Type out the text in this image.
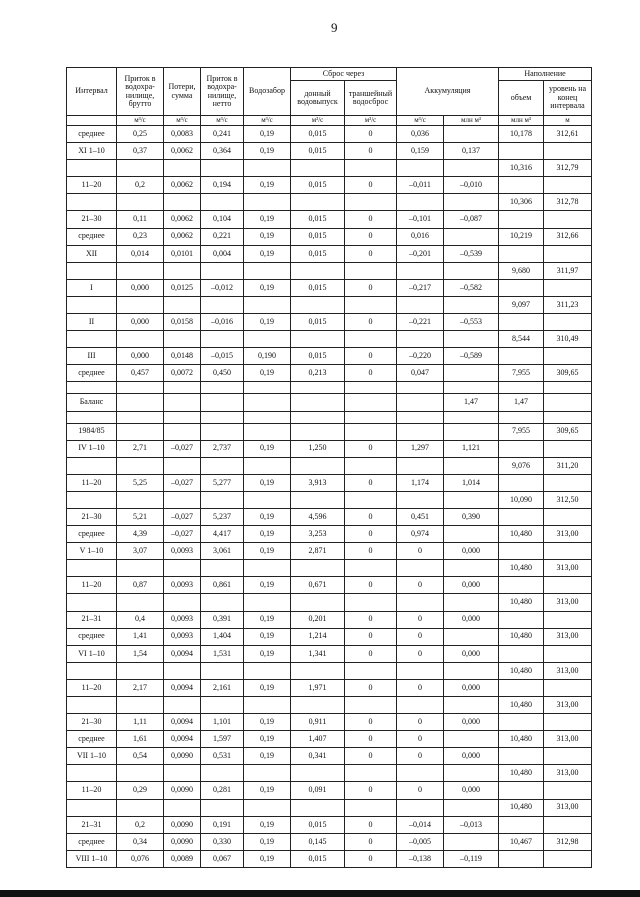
9
Интервал	Приток в водохра-нилище, брутто	Потери, сумма	Приток в водохра-нилище, нетто	Водозабор	Сброс через		Аккумуляция		Наполнение	
					донный водовыпуск	траншейный водосброс			объем	уровень на конец интервала
	м³/с	м³/с	м³/с	м³/с	м³/с	м³/с	м³/с	млн м³	млн м³	м
среднее	0,25	0,0083	0,241	0,19	0,015	0	0,036		10,178	312,61
XI 1–10	0,37	0,0062	0,364	0,19	0,015	0	0,159	0,137		
									10,316	312,79
11–20	0,2	0,0062	0,194	0,19	0,015	0	–0,011	–0,010		
									10,306	312,78
21–30	0,11	0,0062	0,104	0,19	0,015	0	–0,101	–0,087		
среднее	0,23	0,0062	0,221	0,19	0,015	0	0,016		10,219	312,66
XII	0,014	0,0101	0,004	0,19	0,015	0	–0,201	–0,539		
									9,680	311,97
I	0,000	0,0125	–0,012	0,19	0,015	0	–0,217	–0,582		
									9,097	311,23
II	0,000	0,0158	–0,016	0,19	0,015	0	–0,221	–0,553		
									8,544	310,49
III	0,000	0,0148	–0,015	0,190	0,015	0	–0,220	–0,589		
среднее	0,457	0,0072	0,450	0,19	0,213	0	0,047		7,955	309,65

Баланс								1,47	1,47	

1984/85									7,955	309,65
IV 1–10	2,71	–0,027	2,737	0,19	1,250	0	1,297	1,121		
									9,076	311,20
11–20	5,25	–0,027	5,277	0,19	3,913	0	1,174	1,014		
									10,090	312,50
21–30	5,21	–0,027	5,237	0,19	4,596	0	0,451	0,390		
среднее	4,39	–0,027	4,417	0,19	3,253	0	0,974		10,480	313,00
V 1–10	3,07	0,0093	3,061	0,19	2,871	0	0	0,000		
									10,480	313,00
11–20	0,87	0,0093	0,861	0,19	0,671	0	0	0,000		
									10,480	313,00
21–31	0,4	0,0093	0,391	0,19	0,201	0	0	0,000		
среднее	1,41	0,0093	1,404	0,19	1,214	0	0		10,480	313,00
VI 1–10	1,54	0,0094	1,531	0,19	1,341	0	0	0,000		
									10,480	313,00
11–20	2,17	0,0094	2,161	0,19	1,971	0	0	0,000		
									10,480	313,00
21–30	1,11	0,0094	1,101	0,19	0,911	0	0	0,000		
среднее	1,61	0,0094	1,597	0,19	1,407	0	0		10,480	313,00
VII 1–10	0,54	0,0090	0,531	0,19	0,341	0	0	0,000		
									10,480	313,00
11–20	0,29	0,0090	0,281	0,19	0,091	0	0	0,000		
									10,480	313,00
21–31	0,2	0,0090	0,191	0,19	0,015	0	–0,014	–0,013		
среднее	0,34	0,0090	0,330	0,19	0,145	0	–0,005		10,467	312,98
VIII 1–10	0,076	0,0089	0,067	0,19	0,015	0	–0,138	–0,119		
